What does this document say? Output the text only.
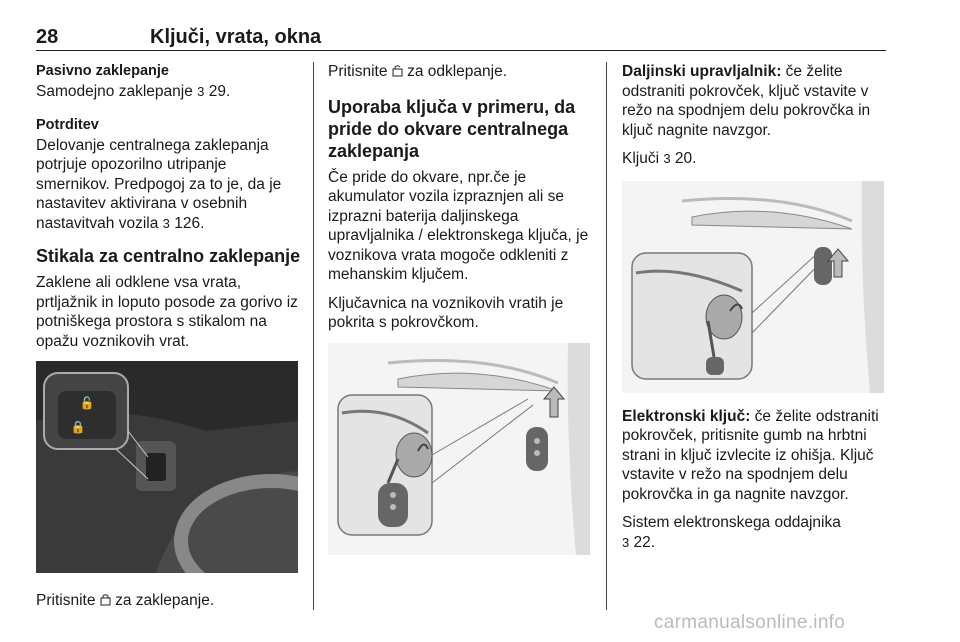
28	Ključi, vrata, okna
Pasivno zaklepanje

Samodejno zaklepanje 3 29.

Potrditev

Delovanje centralnega zaklepanja potrjuje opozorilno utripanje smernikov. Predpogoj za to je, da je nastavitev aktivirana v osebnih nastavitvah vozila 3 126.

Stikala za centralno zaklepanje

Zaklene ali odklene vsa vrata, prtljažnik in loputo posode za gorivo iz potniškega prostora s stikalom na opažu voznikovih vrat.

🔓
🔒

Pritisnite za zaklepanje.

Pritisnite za odklepanje.

Uporaba ključa v primeru, da pride do okvare centralnega zaklepanja

Če pride do okvare, npr.če je akumulator vozila izpraznjen ali se izprazni baterija daljinskega upravljalnika / elektronskega ključa, je voznikova vrata mogoče odkleniti z mehanskim ključem.

Ključavnica na voznikovih vratih je pokrita s pokrovčkom.

Daljinski upravljalnik: če želite odstraniti pokrovček, ključ vstavite v režo na spodnjem delu pokrovčka in ključ nagnite navzgor.

Ključi 3 20.

Elektronski ključ: če želite odstraniti pokrovček, pritisnite gumb na hrbtni strani in ključ izvlecite iz ohišja. Ključ vstavite v režo na spodnjem delu pokrovčka in ga nagnite navzgor.

Sistem elektronskega oddajnika
3 22.

carmanualsonline.info
